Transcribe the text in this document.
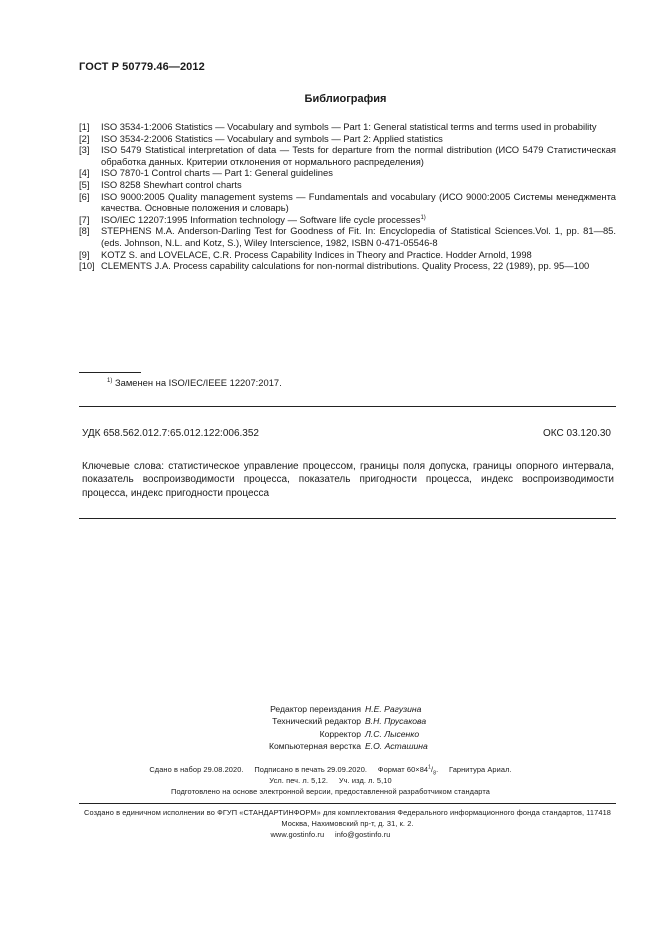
ГОСТ Р 50779.46—2012
Библиография
[1]	ISO 3534-1:2006 Statistics — Vocabulary and symbols — Part 1: General statistical terms and terms used in probability
[2]	ISO 3534-2:2006 Statistics — Vocabulary and symbols — Part 2: Applied statistics
[3]	ISO 5479 Statistical interpretation of data — Tests for departure from the normal distribution (ИСО 5479 Статистическая обработка данных. Критерии отклонения от нормального распределения)
[4]	ISO 7870-1 Control charts — Part 1: General guidelines
[5]	ISO 8258 Shewhart control charts
[6]	ISO 9000:2005 Quality management systems — Fundamentals and vocabulary (ИСО 9000:2005 Системы менеджмента качества. Основные положения и словарь)
[7]	ISO/IEC 12207:1995 Information technology — Software life cycle processes$^{1)}$
[8]	STEPHENS M.A. Anderson-Darling Test for Goodness of Fit. In: Encyclopedia of Statistical Sciences.Vol. 1, pp. 81—85. (eds. Johnson, N.L. and Kotz, S.), Wiley Interscience, 1982, ISBN 0-471-05546-8
[9]	KOTZ S. and LOVELACE, C.R. Process Capability Indices in Theory and Practice. Hodder Arnold, 1998
[10] CLEMENTS J.A. Process capability calculations for non-normal distributions. Quality Process, 22 (1989), pp. 95—100
$^{1)}$ Заменен на ISO/IEC/IEEE 12207:2017.
УДК 658.562.012.7:65.012.122:006.352	ОКС 03.120.30
Ключевые слова: статистическое управление процессом, границы поля допуска, границы опорного интервала, показатель воспроизводимости процесса, показатель пригодности процесса, индекс воспроизводимости процесса, индекс пригодности процесса
Редактор переиздания Н.Е. Рагузина
Технический редактор В.Н. Прусакова
Корректор Л.С. Лысенко
Компьютерная верстка Е.О. Асташина
Сдано в набор 29.08.2020. Подписано в печать 29.09.2020. Формат $60\times 84^1/_8$. Гарнитура Ариал.
Усл. печ. л. 5,12. Уч. изд. л. 5,10
Подготовлено на основе электронной версии, предоставленной разработчиком стандарта
Создано в единичном исполнении во ФГУП «СТАНДАРТИНФОРМ» для комплектования Федерального информационного фонда стандартов, 117418 Москва, Нахимовский пр-т, д. 31, к. 2.
www.gostinfo.ru info@gostinfo.ru
